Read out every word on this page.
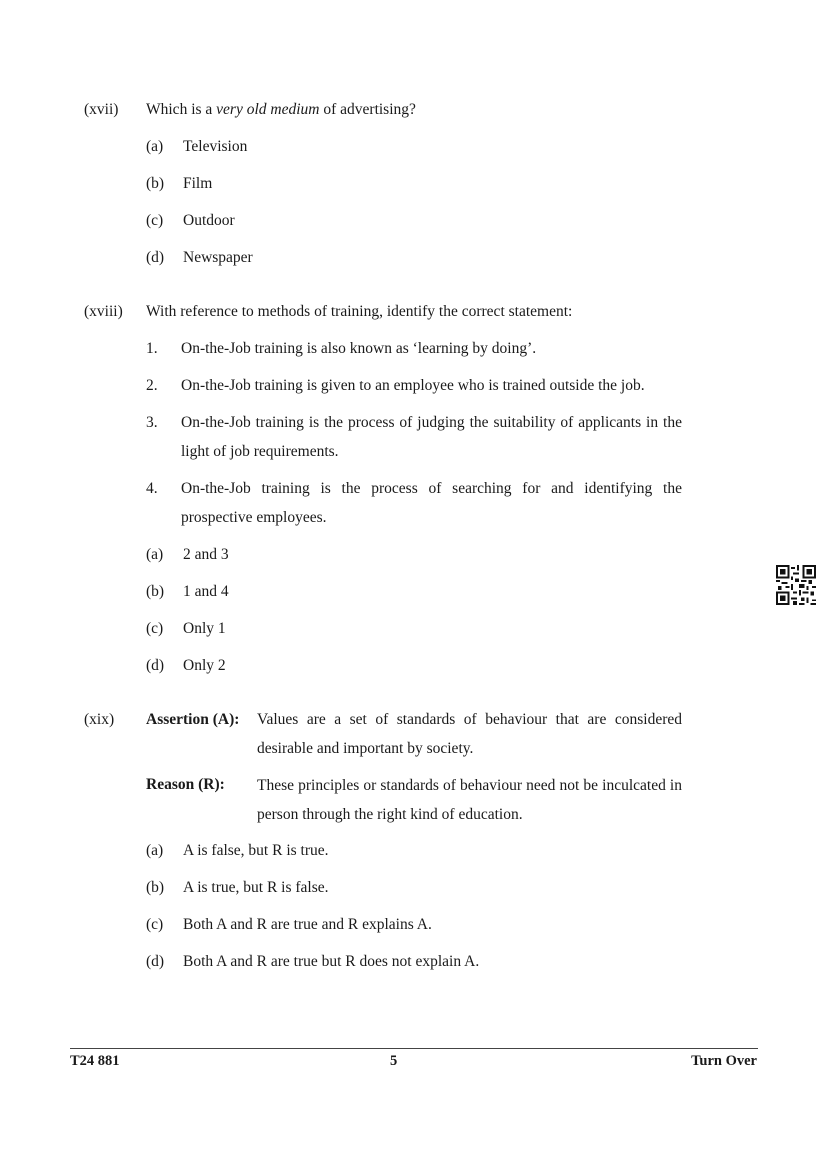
(xvii) Which is a very old medium of advertising?
(a) Television
(b) Film
(c) Outdoor
(d) Newspaper
(xviii) With reference to methods of training, identify the correct statement:
1. On-the-Job training is also known as ‘learning by doing’.
2. On-the-Job training is given to an employee who is trained outside the job.
3. On-the-Job training is the process of judging the suitability of applicants in the light of job requirements.
4. On-the-Job training is the process of searching for and identifying the prospective employees.
(a) 2 and 3
(b) 1 and 4
(c) Only 1
(d) Only 2
(xix) Assertion (A): Values are a set of standards of behaviour that are considered desirable and important by society.
Reason (R): These principles or standards of behaviour need not be inculcated in person through the right kind of education.
(a) A is false, but R is true.
(b) A is true, but R is false.
(c) Both A and R are true and R explains A.
(d) Both A and R are true but R does not explain A.
T24 881	5	Turn Over
